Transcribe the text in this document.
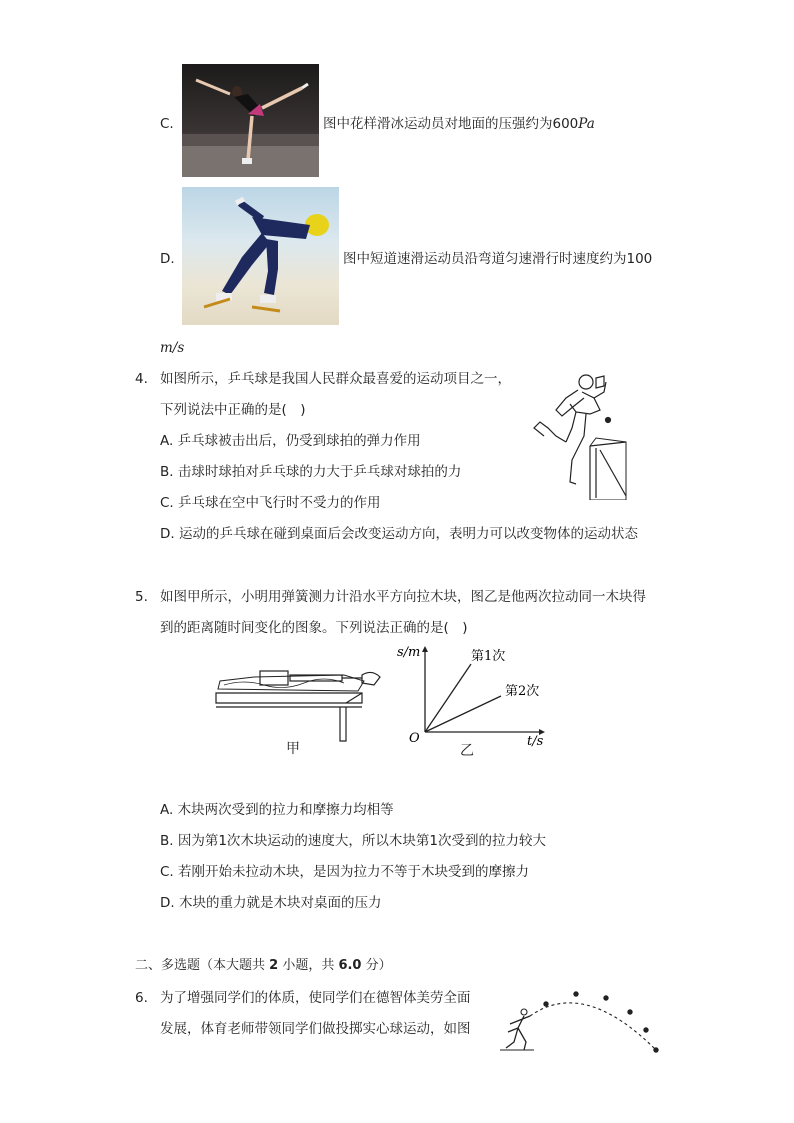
C.	图中花样滑冰运动员对地面的压强约为600Pa
D.	图中短道速滑运动员沿弯道匀速滑行时速度约为100
m/s
4. 如图所示，乒乓球是我国人民群众最喜爱的运动项目之一，
下列说法中正确的是(　)
A. 乒乓球被击出后，仍受到球拍的弹力作用
B. 击球时球拍对乒乓球的力大于乒乓球对球拍的力
C. 乒乓球在空中飞行时不受力的作用
D. 运动的乒乓球在碰到桌面后会改变运动方向，表明力可以改变物体的运动状态
5. 如图甲所示，小明用弹簧测力计沿水平方向拉木块，图乙是他两次拉动同一木块得
到的距离随时间变化的图象。下列说法正确的是(　)
甲
s/m
t/s
O
第1次
第2次
乙
A. 木块两次受到的拉力和摩擦力均相等
B. 因为第1次木块运动的速度大，所以木块第1次受到的拉力较大
C. 若刚开始未拉动木块，是因为拉力不等于木块受到的摩擦力
D. 木块的重力就是木块对桌面的压力
二、多选题（本大题共 2 小题，共 6.0 分）
6. 为了增强同学们的体质，使同学们在德智体美劳全面
发展，体育老师带领同学们做投掷实心球运动，如图
